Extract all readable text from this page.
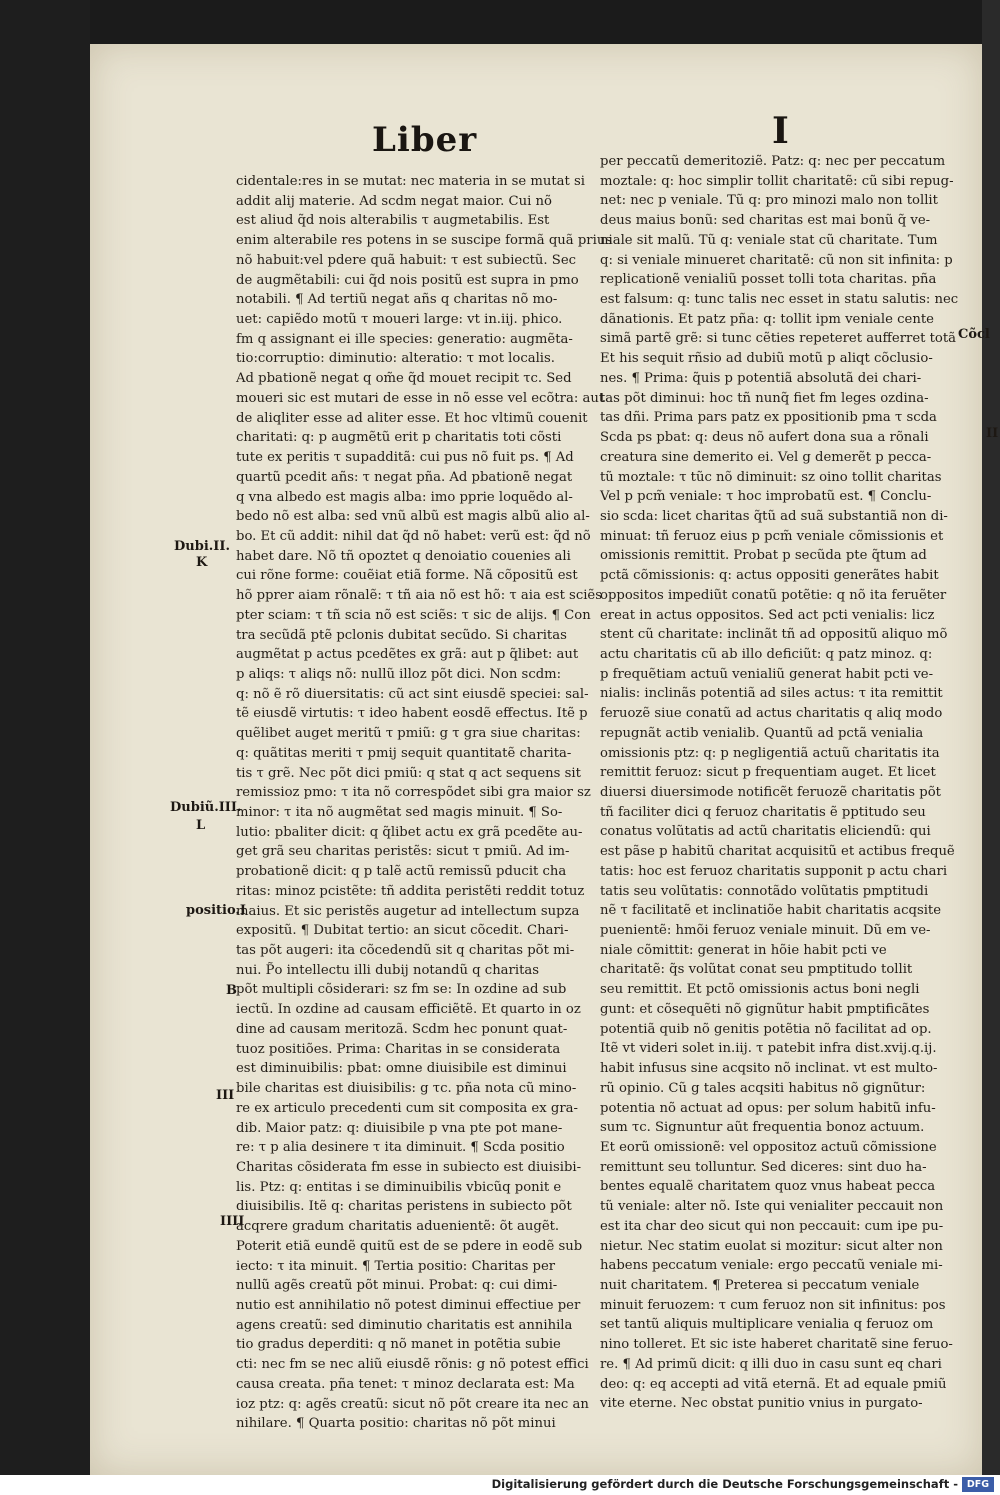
Liber	I
cidentale:res in se mutat: nec materia in se mutat si
addit alij materie. Ad scdm negat maior. Cui nõ
est aliud q̃d nois alterabilis τ augmetabilis. Est
enim alterabile res potens in se suscipe formã quã prius
nõ habuit:vel pdere quã habuit: τ est subiectũ. Sec
de augmẽtabili: cui q̃d nois positũ est supra in pmo
notabili. ¶ Ad tertiũ negat añs q charitas nõ mo-
uet: capiẽdo motũ τ moueri large: vt in.iij. phico.
fm q assignant ei ille species: generatio: augmẽta-
tio:corruptio: diminutio: alteratio: τ mot localis.
Ad pbationẽ negat q om̃e q̃d mouet recipit τc. Sed
moueri sic est mutari de esse in nõ esse vel ecõtra: aut
de aliqliter esse ad aliter esse. Et hoc vltimũ couenit
charitati: q: p augmẽtũ erit p charitatis toti cõsti
tute ex peritis τ supadditã: cui pus nõ fuit ps. ¶ Ad
quartũ pcedit añs: τ negat pña. Ad pbationẽ negat
q vna albedo est magis alba: imo pprie loquẽdo al-
bedo nõ est alba: sed vnũ albũ est magis albũ alio al-
bo. Et cũ addit: nihil dat q̃d nõ habet: verũ est: q̃d nõ
habet dare. Nõ tñ opoztet q denoiatio couenies ali
cui rõne forme: couẽiat etiã forme. Nã cõpositũ est
hõ pprer aiam rõnalẽ: τ tñ aia nõ est hõ: τ aia est sciẽs
pter sciam: τ tñ scia nõ est sciẽs: τ sic de alijs. ¶ Con
tra secũdã ptẽ pclonis dubitat secũdo. Si charitas
augmẽtat p actus pcedẽtes ex grã: aut p q̃libet: aut
p aliqs: τ aliqs nõ: nullũ illoz põt dici. Non scdm:
q: nõ ẽ rõ diuersitatis: cũ act sint eiusdẽ speciei: sal-
tẽ eiusdẽ virtutis: τ ideo habent eosdẽ effectus. Itẽ p
quẽlibet auget meritũ τ pmiũ: g τ gra siue charitas:
q: quãtitas meriti τ pmij sequit quantitatẽ charita-
tis τ grẽ. Nec põt dici pmiũ: q stat q act sequens sit
remissioz pmo: τ ita nõ correspõdet sibi gra maior sz
minor: τ ita nõ augmẽtat sed magis minuit. ¶ So-
lutio: pbaliter dicit: q q̃libet actu ex grã pcedẽte au-
get grã seu charitas peristẽs: sicut τ pmiũ. Ad im-
probationẽ dicit: q p talẽ actũ remissũ pducit cha
ritas: minoz pcistẽte: tñ addita peristẽti reddit totuz
maius. Et sic peristẽs augetur ad intellectum supza
expositũ. ¶ Dubitat tertio: an sicut cõcedit. Chari-
tas põt augeri: ita cõcedendũ sit q charitas põt mi-
nui. P̃o intellectu illi dubij notandũ q charitas
põt multipli cõsiderari: sz fm se: In ozdine ad sub
iectũ. In ozdine ad causam efficiẽtẽ. Et quarto in oz
dine ad causam meritozã. Scdm hec ponunt quat-
tuoz positiões. Prima: Charitas in se considerata
est diminuibilis: pbat: omne diuisibile est diminui
bile charitas est diuisibilis: g τc. pña nota cũ mino-
re ex articulo precedenti cum sit composita ex gra-
dib. Maior patz: q: diuisibile p vna pte pot mane-
re: τ p alia desinere τ ita diminuit. ¶ Scda positio
Charitas cõsiderata fm esse in subiecto est diuisibi-
lis. Ptz: q: entitas i se diminuibilis vbicũq ponit e
diuisibilis. Itẽ q: charitas peristens in subiecto põt
acqrere gradum charitatis aduenientẽ: õt augẽt.
Poterit etiã eundẽ quitũ est de se pdere in eodẽ sub
iecto: τ ita minuit. ¶ Tertia positio: Charitas per
nullũ agẽs creatũ põt minui. Probat: q: cui dimi-
nutio est annihilatio nõ potest diminui effectiue per
agens creatũ: sed diminutio charitatis est annihila
tio gradus deperditi: q nõ manet in potẽtia subie
cti: nec fm se nec aliũ eiusdẽ rõnis: g nõ potest effici
causa creata. pña tenet: τ minoz declarata est: Ma
ioz ptz: q: agẽs creatũ: sicut nõ põt creare ita nec an
nihilare. ¶ Quarta positio: charitas nõ põt minui
per peccatũ demeritoziẽ. Patz: q: nec per peccatum
moztale: q: hoc simplir tollit charitatẽ: cũ sibi repug-
net: nec p veniale. Tũ q: pro minozi malo non tollit
deus maius bonũ: sed charitas est mai bonũ q̃ ve-
niale sit malũ. Tũ q: veniale stat cũ charitate. Tum
q: si veniale minueret charitatẽ: cũ non sit infinita: p
replicationẽ venialiũ posset tolli tota charitas. pña
est falsum: q: tunc talis nec esset in statu salutis: nec
dãnationis. Et patz pña: q: tollit ipm veniale cente
simã partẽ grẽ: si tunc cẽties repeteret aufferret totã
Et his sequit rñsio ad dubiũ motũ p aliqt cõclusio-
nes. ¶ Prima: q̃uis p potentiã absolutã dei chari-
tas põt diminui: hoc tñ nunq̃ fiet fm leges ozdina-
tas dñi. Prima pars patz ex ppositionib pma τ scda
Scda ps pbat: q: deus nõ aufert dona sua a rõnali
creatura sine demerito ei. Vel g demerẽt p pecca-
tũ moztale: τ tũc nõ diminuit: sz oino tollit charitas
Vel p pcm̃ veniale: τ hoc improbatũ est. ¶ Conclu-
sio scda: licet charitas q̃tũ ad suã substantiã non di-
minuat: tñ feruoz eius p pcm̃ veniale cõmissionis et
omissionis remittit. Probat p secũda pte q̃tum ad
pctã cõmissionis: q: actus oppositi generãtes habit
oppositos impediũt conatũ potẽtie: q nõ ita feruẽter
ereat in actus oppositos. Sed act pcti venialis: licz
stent cũ charitate: inclinãt tñ ad oppositũ aliquo mõ
actu charitatis cũ ab illo deficiũt: q patz minoz. q:
p frequẽtiam actuũ venialiũ generat habit pcti ve-
nialis: inclinãs potentiã ad siles actus: τ ita remittit
feruozẽ siue conatũ ad actus charitatis q aliq modo
repugnãt actib venialib. Quantũ ad pctã venialia
omissionis ptz: q: p negligentiã actuũ charitatis ita
remittit feruoz: sicut p frequentiam auget. Et licet
diuersi diuersimode notificẽt feruozẽ charitatis põt
tñ faciliter dici q feruoz charitatis ẽ pptitudo seu
conatus volũtatis ad actũ charitatis eliciendũ: qui
est pãse p habitũ charitat acquisitũ et actibus frequẽ
tatis: hoc est feruoz charitatis supponit p actu chari
tatis seu volũtatis: connotãdo volũtatis pmptitudi
nẽ τ facilitatẽ et inclinatiõe habit charitatis acqsite
puenientẽ: hmõi feruoz veniale minuit. Dũ em ve-
niale cõmittit: generat in hõie habit pcti ve
charitatẽ: q̃s volũtat conat seu pmptitudo tollit
seu remittit. Et pctõ omissionis actus boni negli
gunt: et cõsequẽti nõ gignũtur habit pmptificãtes
potentiã quib nõ genitis potẽtia nõ facilitat ad op.
Itẽ vt videri solet in.iij. τ patebit infra dist.xvij.q.ij.
habit infusus sine acqsito nõ inclinat. vt est multo-
rũ opinio. Cũ g tales acqsiti habitus nõ gignũtur:
potentia nõ actuat ad opus: per solum habitũ infu-
sum τc. Signuntur aũt frequentia bonoz actuum.
Et eorũ omissionẽ: vel oppositoz actuũ cõmissione
remittunt seu tolluntur. Sed diceres: sint duo ha-
bentes equalẽ charitatem quoz vnus habeat pecca
tũ veniale: alter nõ. Iste qui venialiter peccauit non
est ita char deo sicut qui non peccauit: cum ipe pu-
nietur. Nec statim euolat si mozitur: sicut alter non
habens peccatum veniale: ergo peccatũ veniale mi-
nuit charitatem. ¶ Preterea si peccatum veniale
minuit feruozem: τ cum feruoz non sit infinitus: pos
set tantũ aliquis multiplicare venialia q feruoz om
nino tolleret. Et sic iste haberet charitatẽ sine feruo-
re. ¶ Ad primũ dicit: q illi duo in casu sunt eq chari
deo: q: eq accepti ad vitã eternã. Et ad equale pmiũ
vite eterne. Nec obstat punitio vnius in purgato-
Dubi.II.
K
Dubiũ.III.
L
positio.I
B
III
IIII
Cõcl
II
Digitalisierung gefördert durch die Deutsche Forschungsgemeinschaft - DFG
